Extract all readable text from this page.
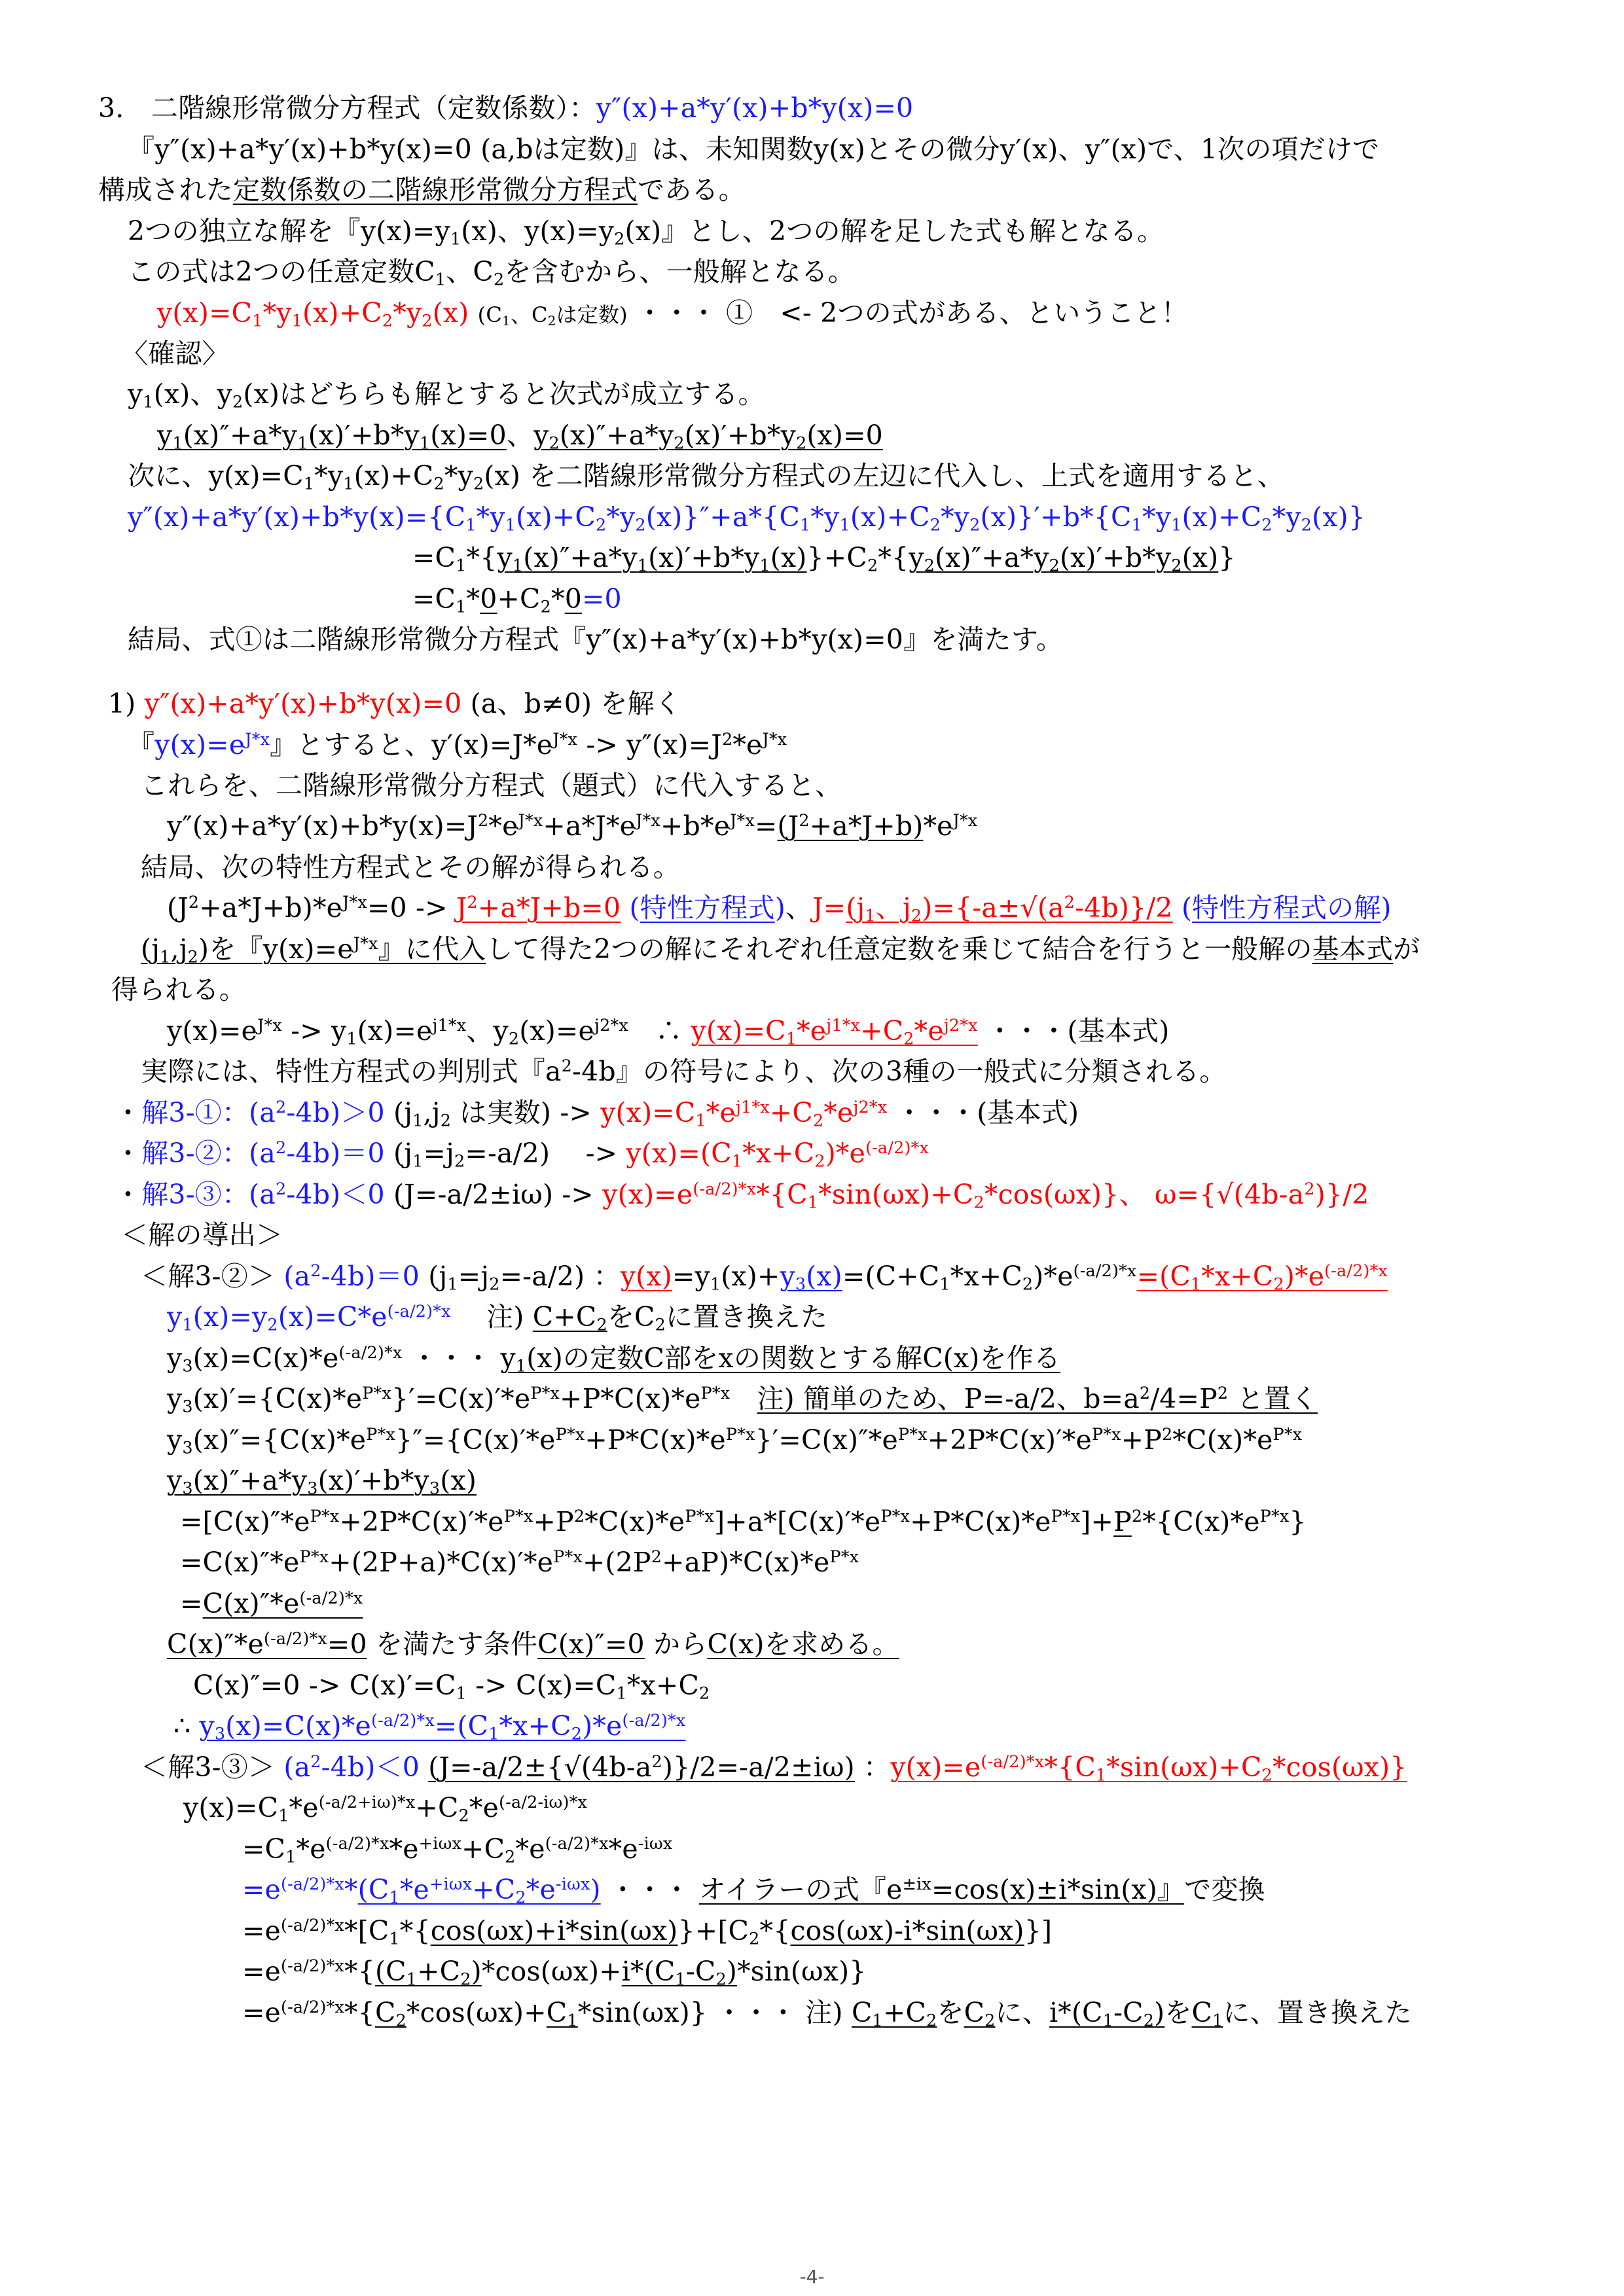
3.　二階線形常微分方程式（定数係数）：y″(x)+a*y′(x)+b*y(x)=0
『y″(x)+a*y′(x)+b*y(x)=0 (a,bは定数)』は、未知関数y(x)とその微分y′(x)、y″(x)で、1次の項だけで
構成された定数係数の二階線形常微分方程式である。
2つの独立な解を『$y(x)=y_1(x)$、$y(x)=y_2(x)$』とし、2つの解を足した式も解となる。
この式は2つの任意定数$C_1$、$C_2$を含むから、一般解となる。
$y(x)=C_1*y_1(x)+C_2*y_2(x)$ ($C_1$、$C_2$は定数) ・・・ ①　<- 2つの式がある、ということ！
〈確認〉
$y_1(x)$、$y_2(x)$はどちらも解とすると次式が成立する。
$y_1(x)''+a*y_1(x)'+b*y_1(x)=0$、$y_2(x)''+a*y_2(x)'+b*y_2(x)=0$
次に、$y(x)=C_1*y_1(x)+C_2*y_2(x)$ を二階線形常微分方程式の左辺に代入し、上式を適用すると、
$y''(x)+a*y'(x)+b*y(x)=\{C_1*y_1(x)+C_2*y_2(x)\}''+a*\{C_1*y_1(x)+C_2*y_2(x)\}'+b*\{C_1*y_1(x)+C_2*y_2(x)\}$
$=C_1*\{y_1(x)''+a*y_1(x)'+b*y_1(x)\}+C_2*\{y_2(x)''+a*y_2(x)'+b*y_2(x)\}$
$=C_1*0+C_2*0=0$
結局、式①は二階線形常微分方程式『y″(x)+a*y′(x)+b*y(x)=0』を満たす。
1) y″(x)+a*y′(x)+b*y(x)=0 (a、b≠0) を解く
『$y(x)=e^{J*x}$』とすると、$y'(x)=J*e^{J*x} -> y''(x)=J^2*e^{J*x}$
これらを、二階線形常微分方程式（題式）に代入すると、
$y''(x)+a*y'(x)+b*y(x)=J^2*e^{J*x}+a*J*e^{J*x}+b*e^{J*x}=(J^2+a*J+b)*e^{J*x}$
結局、次の特性方程式とその解が得られる。
$(J^2+a*J+b)*e^{J*x}=0 -> J^2+a*J+b=0$ (特性方程式)、$J=(j_1$、$j_2)=\{-a\pm√(a^2-4b)\}/2$ (特性方程式の解)
$(j_1,j_2)$を『$y(x)=e^{J*x}$』に代入して得た2つの解にそれぞれ任意定数を乗じて結合を行うと一般解の基本式が
得られる。
$y(x)=e^{J*x} -> y_1(x)=e^{j1*x}$、$y_2(x)=e^{j2*x}$　∴ $y(x)=C_1*e^{j1*x}+C_2*e^{j2*x}$ ・・・(基本式)
実際には、特性方程式の判別式『$a^2-4b$』の符号により、次の3種の一般式に分類される。
・解3-①：$(a^2-4b)>0$ ($j_1,j_2$ は実数) -> $y(x)=C_1*e^{j1*x}+C_2*e^{j2*x}$ ・・・(基本式)
・解3-②：$(a^2-4b)=0$ $(j_1=j_2=-a/2)$　 -> $y(x)=(C_1*x+C_2)*e^{(-a/2)*x}$
・解3-③：$(a^2-4b)<0$ $(J=-a/2\pm i\omega) -> y(x)=e^{(-a/2)*x}*\{C_1*\sin(\omega x)+C_2*\cos(\omega x)\}$、 $\omega=\{√(4b-a^2)\}/2$
＜解の導出＞
＜解3-②＞ $(a^2-4b)=0$ $(j_1=j_2=-a/2)$ ：$y(x)=y_1(x)+y_3(x)=(C+C_1*x+C_2)*e^{(-a/2)*x}=(C_1*x+C_2)*e^{(-a/2)*x}$
$y_1(x)=y_2(x)=C*e^{(-a/2)*x}$　 注) $C+C_2$を$C_2$に置き換えた
$y_3(x)=C(x)*e^{(-a/2)*x}$ ・・・ $y_1(x)$の定数C部をxの関数とする解C(x)を作る
$y_3(x)'=\{C(x)*e^{P*x}\}'=C(x)'*e^{P*x}+P*C(x)*e^{P*x}$　 注) 簡単のため、P=-a/2、$b=a^2/4=P^2$ と置く
$y_3(x)''=\{C(x)*e^{P*x}\}''=\{C(x)'*e^{P*x}+P*C(x)*e^{P*x}\}'=C(x)''*e^{P*x}+2P*C(x)'*e^{P*x}+P^2*C(x)*e^{P*x}$
$y_3(x)''+a*y_3(x)'+b*y_3(x)$
$=[C(x)''*e^{P*x}+2P*C(x)'*e^{P*x}+P^2*C(x)*e^{P*x}]+a*[C(x)'*e^{P*x}+P*C(x)*e^{P*x}]+P^2*\{C(x)*e^{P*x}\}$
$=C(x)''*e^{P*x}+(2P+a)*C(x)'*e^{P*x}+(2P^2+aP)*C(x)*e^{P*x}$
$=C(x)''*e^{(-a/2)*x}$
$C(x)''*e^{(-a/2)*x}=0$ を満たす条件C(x)″=0 からC(x)を求める。
$C(x)''=0 -> C(x)'=C_1 -> C(x)=C_1*x+C_2$
∴ $y_3(x)=C(x)*e^{(-a/2)*x}=(C_1*x+C_2)*e^{(-a/2)*x}$
＜解3-③＞ $(a^2-4b)<0$ $(J=-a/2\pm\{√(4b-a^2)\}/2=-a/2\pm i\omega)$ ：$y(x)=e^{(-a/2)*x}*\{C_1*\sin(\omega x)+C_2*\cos(\omega x)\}$
$y(x)=C_1*e^{(-a/2+i\omega)*x}+C_2*e^{(-a/2-i\omega)*x}$
$=C_1*e^{(-a/2)*x}*e^{+i\omega x}+C_2*e^{(-a/2)*x}*e^{-i\omega x}$
$=e^{(-a/2)*x}*(C_1*e^{+i\omega x}+C_2*e^{-i\omega x})$ ・・・ オイラーの式『$e^{\pm ix}=\cos(x)\pm i*\sin(x)$』で変換
$=e^{(-a/2)*x}*[C_1*\{\cos(\omega x)+i*\sin(\omega x)\}+[C_2*\{\cos(\omega x)-i*\sin(\omega x)\}]$
$=e^{(-a/2)*x}*\{(C_1+C_2)*\cos(\omega x)+i*(C_1-C_2)*\sin(\omega x)\}$
$=e^{(-a/2)*x}*\{C_2*\cos(\omega x)+C_1*\sin(\omega x)\}$ ・・・ 注) $C_1+C_2$を$C_2$に、$i*(C_1-C_2)$を$C_1$に、置き換えた
-4-
